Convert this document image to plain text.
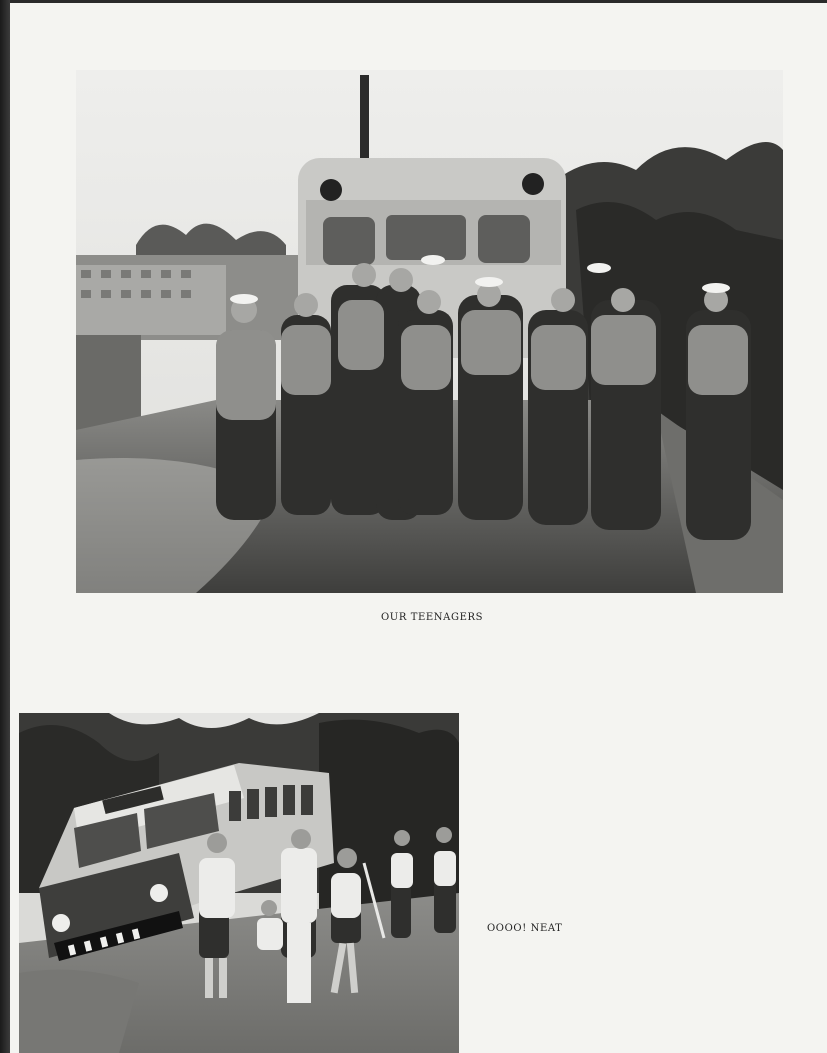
OUR TEENAGERS
OOOO! NEAT
